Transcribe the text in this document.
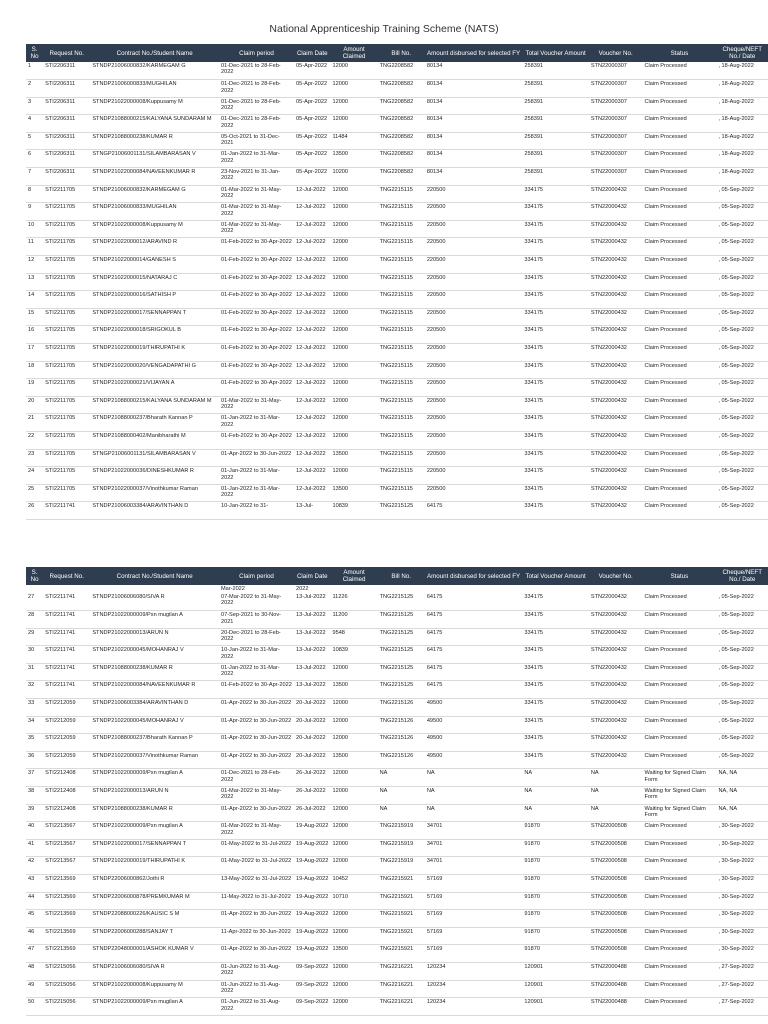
National Apprenticeship Training Scheme (NATS)
S. No	Request No.	Contract No./Student Name	Claim period	Claim Date	Amount Claimed	Bill No.	Amount disbursed for selected FY	Total Voucher Amount	Voucher No.	Status	Cheque/NEFT No./ Date
1	STI2206311	STNDP21006000832/KARMEGAM G	01-Dec-2021 to 28-Feb-2022	05-Apr-2022	12000	TNG2208582	80134	258391	STN22000307	Claim Processed	, 18-Aug-2022
2	STI2206311	STNDP21006000833/MUGHILAN	01-Dec-2021 to 28-Feb-2022	05-Apr-2022	12000	TNG2208582	80134	258391	STN22000307	Claim Processed	, 18-Aug-2022
3	STI2206311	STNDP21022000008/Kuppusamy M	01-Dec-2021 to 28-Feb-2022	05-Apr-2022	12000	TNG2208582	80134	258391	STN22000307	Claim Processed	, 18-Aug-2022
4	STI2206311	STNDP21088000215/KALYANA SUNDARAM M	01-Dec-2021 to 28-Feb-2022	05-Apr-2022	12000	TNG2208582	80134	258391	STN22000307	Claim Processed	, 18-Aug-2022
5	STI2206311	STNDP21088000238/KUMAR R	05-Oct-2021 to 31-Dec-2021	05-Apr-2022	11484	TNG2208582	80134	258391	STN22000307	Claim Processed	, 18-Aug-2022
6	STI2206311	STNGP21006001131/SILAMBARASAN V	01-Jan-2022 to 31-Mar-2022	05-Apr-2022	13500	TNG2208582	80134	258391	STN22000307	Claim Processed	, 18-Aug-2022
7	STI2206311	STNDP21022000084/NAVEENKUMAR R	23-Nov-2021 to 31-Jan-2022	05-Apr-2022	10200	TNG2208582	80134	258391	STN22000307	Claim Processed	, 18-Aug-2022
8	STI2211705	STNDP21006000832/KARMEGAM G	01-Mar-2022 to 31-May-2022	12-Jul-2022	12000	TNG2215115	220500	334175	STN22000432	Claim Processed	, 05-Sep-2022
9	STI2211705	STNDP21006000833/MUGHILAN	01-Mar-2022 to 31-May-2022	12-Jul-2022	12000	TNG2215115	220500	334175	STN22000432	Claim Processed	, 05-Sep-2022
10	STI2211705	STNDP21022000008/Kuppusamy M	01-Mar-2022 to 31-May-2022	12-Jul-2022	12000	TNG2215115	220500	334175	STN22000432	Claim Processed	, 05-Sep-2022
11	STI2211705	STNDP21022000012/ARAVIND R	01-Feb-2022 to 30-Apr-2022	12-Jul-2022	12000	TNG2215115	220500	334175	STN22000432	Claim Processed	, 05-Sep-2022
12	STI2211705	STNDP21022000014/GANESH S	01-Feb-2022 to 30-Apr-2022	12-Jul-2022	12000	TNG2215115	220500	334175	STN22000432	Claim Processed	, 05-Sep-2022
13	STI2211705	STNDP21022000015/NATARAJ C	01-Feb-2022 to 30-Apr-2022	12-Jul-2022	12000	TNG2215115	220500	334175	STN22000432	Claim Processed	, 05-Sep-2022
14	STI2211705	STNDP21022000016/SATHISH P	01-Feb-2022 to 30-Apr-2022	12-Jul-2022	12000	TNG2215115	220500	334175	STN22000432	Claim Processed	, 05-Sep-2022
15	STI2211705	STNDP21022000017/SENNAPPAN T	01-Feb-2022 to 30-Apr-2022	12-Jul-2022	12000	TNG2215115	220500	334175	STN22000432	Claim Processed	, 05-Sep-2022
16	STI2211705	STNDP21022000018/SRIGOKUL B	01-Feb-2022 to 30-Apr-2022	12-Jul-2022	12000	TNG2215115	220500	334175	STN22000432	Claim Processed	, 05-Sep-2022
17	STI2211705	STNDP21022000019/THIRUPATHI K	01-Feb-2022 to 30-Apr-2022	12-Jul-2022	12000	TNG2215115	220500	334175	STN22000432	Claim Processed	, 05-Sep-2022
18	STI2211705	STNDP21022000020/VENGADAPATHI G	01-Feb-2022 to 30-Apr-2022	12-Jul-2022	12000	TNG2215115	220500	334175	STN22000432	Claim Processed	, 05-Sep-2022
19	STI2211705	STNDP21022000021/VIJAYAN A	01-Feb-2022 to 30-Apr-2022	12-Jul-2022	12000	TNG2215115	220500	334175	STN22000432	Claim Processed	, 05-Sep-2022
20	STI2211705	STNDP21088000215/KALYANA SUNDARAM M	01-Mar-2022 to 31-May-2022	12-Jul-2022	12000	TNG2215115	220500	334175	STN22000432	Claim Processed	, 05-Sep-2022
21	STI2211705	STNDP21088000237/Bharath Kannan P	01-Jan-2022 to 31-Mar-2022	12-Jul-2022	12000	TNG2215115	220500	334175	STN22000432	Claim Processed	, 05-Sep-2022
22	STI2211705	STNDP21088000402/Manibharathi M	01-Feb-2022 to 30-Apr-2022	12-Jul-2022	12000	TNG2215115	220500	334175	STN22000432	Claim Processed	, 05-Sep-2022
23	STI2211705	STNGP21006001131/SILAMBARASAN V	01-Apr-2022 to 30-Jun-2022	12-Jul-2022	13500	TNG2215115	220500	334175	STN22000432	Claim Processed	, 05-Sep-2022
24	STI2211705	STNDP21022000036/DINESHKUMAR R	01-Jan-2022 to 31-Mar-2022	12-Jul-2022	12000	TNG2215115	220500	334175	STN22000432	Claim Processed	, 05-Sep-2022
25	STI2211705	STNDP21022000037/Vinothkumar Raman	01-Jan-2022 to 31-Mar-2022	12-Jul-2022	13500	TNG2215115	220500	334175	STN22000432	Claim Processed	, 05-Sep-2022
26	STI2211741	STNDP21006003384/ARAVINTHAN D	10-Jan-2022 to 31-	13-Jul-	10839	TNG2215125	64175	334175	STN22000432	Claim Processed	, 05-Sep-2022
S. No	Request No.	Contract No./Student Name	Claim period	Claim Date	Amount Claimed	Bill No.	Amount disbursed for selected FY	Total Voucher Amount	Voucher No.	Status	Cheque/NEFT No./ Date
			Mar-2022	2022							
27	STI2211741	STNDP21006006080/SIVA R	07-Mar-2022 to 31-May-2022	13-Jul-2022	11226	TNG2215125	64175	334175	STN22000432	Claim Processed	, 05-Sep-2022
28	STI2211741	STNDP21022000009/Psn mugilan A	07-Sep-2021 to 30-Nov-2021	13-Jul-2022	11200	TNG2215125	64175	334175	STN22000432	Claim Processed	, 05-Sep-2022
29	STI2211741	STNDP21022000013/ARUN N	20-Dec-2021 to 28-Feb-2022	13-Jul-2022	9548	TNG2215125	64175	334175	STN22000432	Claim Processed	, 05-Sep-2022
30	STI2211741	STNDP21022000045/MOHANRAJ V	10-Jan-2022 to 31-Mar-2022	13-Jul-2022	10839	TNG2215125	64175	334175	STN22000432	Claim Processed	, 05-Sep-2022
31	STI2211741	STNDP21088000238/KUMAR R	01-Jan-2022 to 31-Mar-2022	13-Jul-2022	12000	TNG2215125	64175	334175	STN22000432	Claim Processed	, 05-Sep-2022
32	STI2211741	STNDP21022000084/NAVEENKUMAR R	01-Feb-2022 to 30-Apr-2022	13-Jul-2022	13500	TNG2215125	64175	334175	STN22000432	Claim Processed	, 05-Sep-2022
33	STI2212059	STNDP21006003384/ARAVINTHAN D	01-Apr-2022 to 30-Jun-2022	20-Jul-2022	12000	TNG2215126	49500	334175	STN22000432	Claim Processed	, 05-Sep-2022
34	STI2212059	STNDP21022000045/MOHANRAJ V	01-Apr-2022 to 30-Jun-2022	20-Jul-2022	12000	TNG2215126	49500	334175	STN22000432	Claim Processed	, 05-Sep-2022
35	STI2212059	STNDP21088000237/Bharath Kannan P	01-Apr-2022 to 30-Jun-2022	20-Jul-2022	12000	TNG2215126	49500	334175	STN22000432	Claim Processed	, 05-Sep-2022
36	STI2212059	STNDP21022000037/Vinothkumar Raman	01-Apr-2022 to 30-Jun-2022	20-Jul-2022	13500	TNG2215126	49500	334175	STN22000432	Claim Processed	, 05-Sep-2022
37	STI2212408	STNDP21022000009/Psn mugilan A	01-Dec-2021 to 28-Feb-2022	26-Jul-2022	12000	NA	NA	NA	NA	Waiting for Signed Claim Form	NA, NA
38	STI2212408	STNDP21022000013/ARUN N	01-Mar-2022 to 31-May-2022	26-Jul-2022	12000	NA	NA	NA	NA	Waiting for Signed Claim Form	NA, NA
39	STI2212408	STNDP21088000238/KUMAR R	01-Apr-2022 to 30-Jun-2022	26-Jul-2022	12000	NA	NA	NA	NA	Waiting for Signed Claim Form	NA, NA
40	STI2213567	STNDP21022000009/Psn mugilan A	01-Mar-2022 to 31-May-2022	19-Aug-2022	12000	TNG2215919	34701	91870	STN22000508	Claim Processed	, 30-Sep-2022
41	STI2213567	STNDP21022000017/SENNAPPAN T	01-May-2022 to 31-Jul-2022	19-Aug-2022	12000	TNG2215919	34701	91870	STN22000508	Claim Processed	, 30-Sep-2022
42	STI2213567	STNDP21022000019/THIRUPATHI K	01-May-2022 to 31-Jul-2022	19-Aug-2022	12000	TNG2215919	34701	91870	STN22000508	Claim Processed	, 30-Sep-2022
43	STI2213569	STNDP22006000862/Jothi R	13-May-2022 to 31-Jul-2022	19-Aug-2022	10452	TNG2215921	57169	91870	STN22000508	Claim Processed	, 30-Sep-2022
44	STI2213569	STNDP22006000878/PREMKUMAR M	11-May-2022 to 31-Jul-2022	19-Aug-2022	10710	TNG2215921	57169	91870	STN22000508	Claim Processed	, 30-Sep-2022
45	STI2213569	STNDP22088000226/KAUSIC S M	01-Apr-2022 to 30-Jun-2022	19-Aug-2022	12000	TNG2215921	57169	91870	STN22000508	Claim Processed	, 30-Sep-2022
46	STI2213569	STNDP22006000288/SANJAY T	11-Apr-2022 to 30-Jun-2022	19-Aug-2022	12000	TNG2215921	57169	91870	STN22000508	Claim Processed	, 30-Sep-2022
47	STI2213569	STNDP22048000001/ASHOK KUMAR V	01-Apr-2022 to 30-Jun-2022	19-Aug-2022	13500	TNG2215921	57169	91870	STN22000508	Claim Processed	, 30-Sep-2022
48	STI2215056	STNDP21006006080/SIVA R	01-Jun-2022 to 31-Aug-2022	09-Sep-2022	12000	TNG2216221	120234	120901	STN22000488	Claim Processed	, 27-Sep-2022
49	STI2215056	STNDP21022000008/Kuppusamy M	01-Jun-2022 to 31-Aug-2022	09-Sep-2022	12000	TNG2216221	120234	120901	STN22000488	Claim Processed	, 27-Sep-2022
50	STI2215056	STNDP21022000009/Psn mugilan A	01-Jun-2022 to 31-Aug-2022	09-Sep-2022	12000	TNG2216221	120234	120901	STN22000488	Claim Processed	, 27-Sep-2022
